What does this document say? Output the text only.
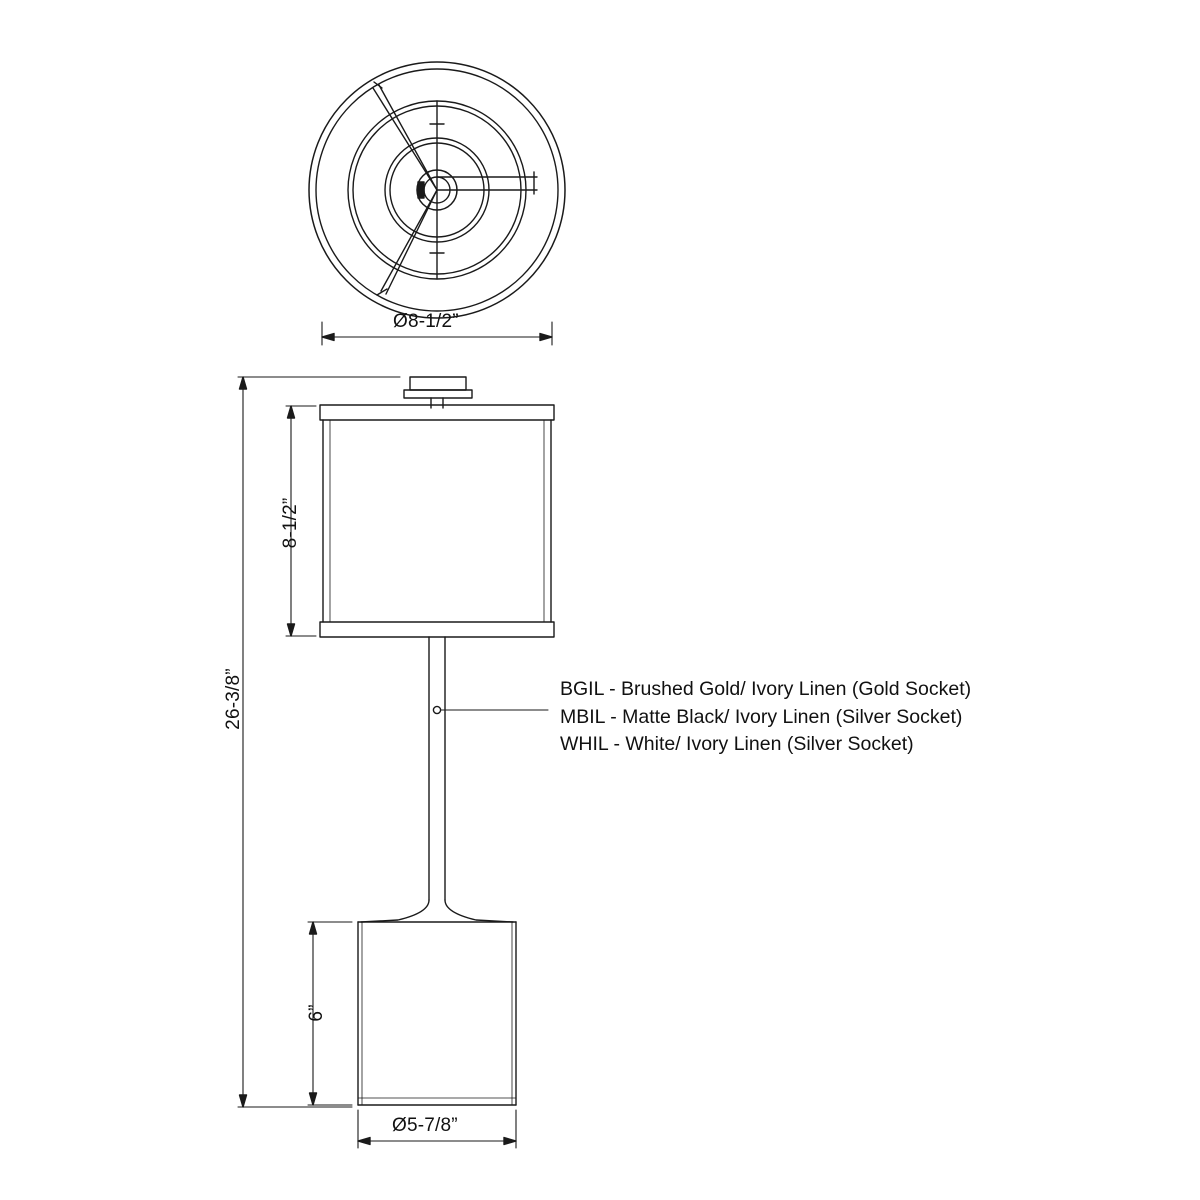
Ø8-1/2”
8-1/2”
26-3/8”
6”
Ø5-7/8”
BGIL - Brushed Gold/ Ivory Linen (Gold Socket)
MBIL - Matte Black/ Ivory Linen (Silver Socket)
WHIL - White/ Ivory Linen (Silver Socket)
